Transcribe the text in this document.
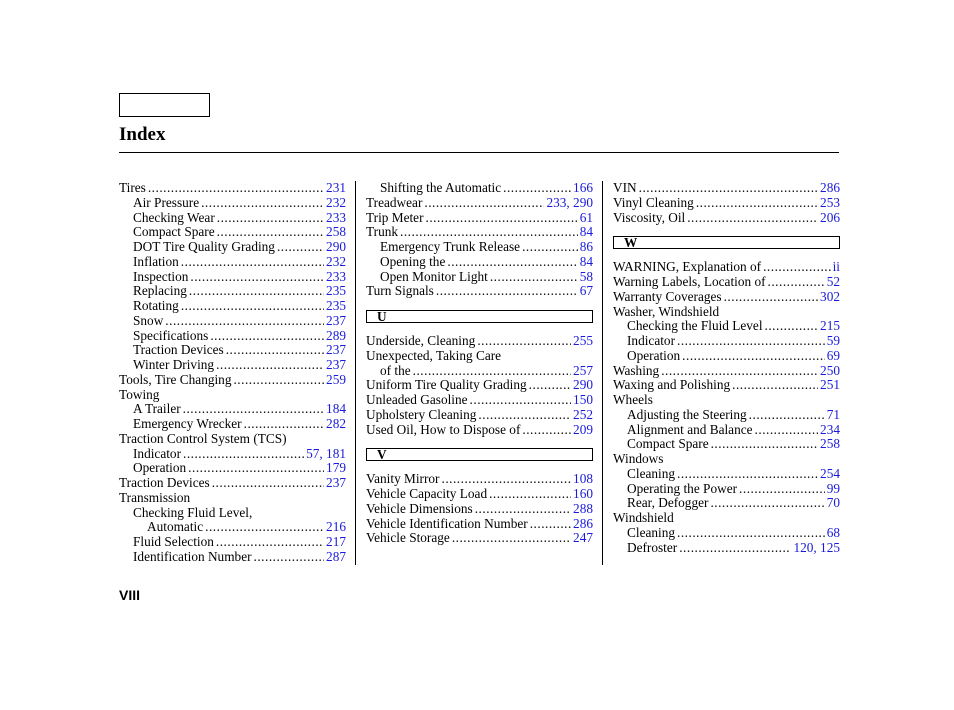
Index
Tires .....	231
Air Pressure .....	232
Checking Wear .....	233
Compact Spare .....	258
DOT Tire Quality Grading .....	290
Inflation .....	232
Inspection .....	233
Replacing .....	235
Rotating .....	235
Snow .....	237
Specifications .....	289
Traction Devices .....	237
Winter Driving .....	237
Tools, Tire Changing .....	259
Towing
A Trailer .....	184
Emergency Wrecker .....	282
Traction Control System (TCS)
Indicator .....	57, 181
Operation .....	179
Traction Devices .....	237
Transmission
Checking Fluid Level,
Automatic .....	216
Fluid Selection .....	217
Identification Number .....	287
Shifting the Automatic .....	166
Treadwear .....	233, 290
Trip Meter .....	61
Trunk .....	84
Emergency Trunk Release .....	86
Opening the .....	84
Open Monitor Light .....	58
Turn Signals .....	67
U
Underside, Cleaning .....	255
Unexpected, Taking Care
of the .....	257
Uniform Tire Quality Grading .....	290
Unleaded Gasoline .....	150
Upholstery Cleaning .....	252
Used Oil, How to Dispose of .....	209
V
Vanity Mirror .....	108
Vehicle Capacity Load .....	160
Vehicle Dimensions .....	288
Vehicle Identification Number .....	286
Vehicle Storage .....	247
VIN .....	286
Vinyl Cleaning .....	253
Viscosity, Oil .....	206
W
WARNING, Explanation of .....	ii
Warning Labels, Location of .....	52
Warranty Coverages .....	302
Washer, Windshield
Checking the Fluid Level .....	215
Indicator .....	59
Operation .....	69
Washing .....	250
Waxing and Polishing .....	251
Wheels
Adjusting the Steering .....	71
Alignment and Balance .....	234
Compact Spare .....	258
Windows
Cleaning .....	254
Operating the Power .....	99
Rear, Defogger .....	70
Windshield
Cleaning .....	68
Defroster .....	120, 125
VIII
